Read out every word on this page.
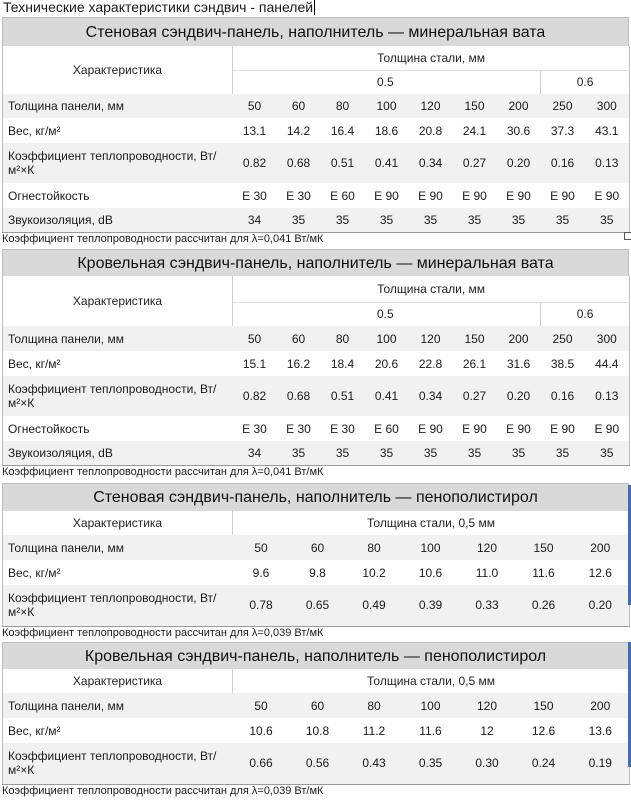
Технические характеристики сэндвич - панелей
Стеновая сэндвич-панель, наполнитель — минеральная вата
Характеристика	Толщина стали, мм								
	0.5							0.6	
Толщина панели, мм	50	60	80	100	120	150	200	250	300
Вес, кг/м²	13.1	14.2	16.4	18.6	20.8	24.1	30.6	37.3	43.1
Коэффициент теплопроводности, Вт/м²×К	0.82	0.68	0.51	0.41	0.34	0.27	0.20	0.16	0.13
Огнестойкость	Е 30	Е 30	Е 60	Е 90	Е 90	Е 90	Е 90	Е 90	Е 90
Звукоизоляция, dB	34	35	35	35	35	35	35	35	35
Коэффициент теплопроводности рассчитан для λ=0,041 Вт/мК
Кровельная сэндвич-панель, наполнитель — минеральная вата
Характеристика	Толщина стали, мм								
	0.5							0.6	
Толщина панели, мм	50	60	80	100	120	150	200	250	300
Вес, кг/м²	15.1	16.2	18.4	20.6	22.8	26.1	31.6	38.5	44.4
Коэффициент теплопроводности, Вт/м²×К	0.82	0.68	0.51	0.41	0.34	0.27	0.20	0.16	0.13
Огнестойкость	Е 30	Е 30	Е 30	Е 60	Е 90	Е 90	Е 90	Е 90	Е 90
Звукоизоляция, dB	34	35	35	35	35	35	35	35	35
Коэффициент теплопроводности рассчитан для λ=0,041 Вт/мК
Стеновая сэндвич-панель, наполнитель — пенополистирол
Характеристика	Толщина стали, 0,5 мм						
Толщина панели, мм	50	60	80	100	120	150	200
Вес, кг/м²	9.6	9.8	10.2	10.6	11.0	11.6	12.6
Коэффициент теплопроводности, Вт/м²×К	0.78	0.65	0.49	0.39	0.33	0.26	0.20
Коэффициент теплопроводности рассчитан для λ=0,039 Вт/мК
Кровельная сэндвич-панель, наполнитель — пенополистирол
Характеристика	Толщина стали, 0,5 мм						
Толщина панели, мм	50	60	80	100	120	150	200
Вес, кг/м²	10.6	10.8	11.2	11.6	12	12.6	13.6
Коэффициент теплопроводности, Вт/м²×К	0.66	0.56	0.43	0.35	0.30	0.24	0.19
Коэффициент теплопроводности рассчитан для λ=0,039 Вт/мК
